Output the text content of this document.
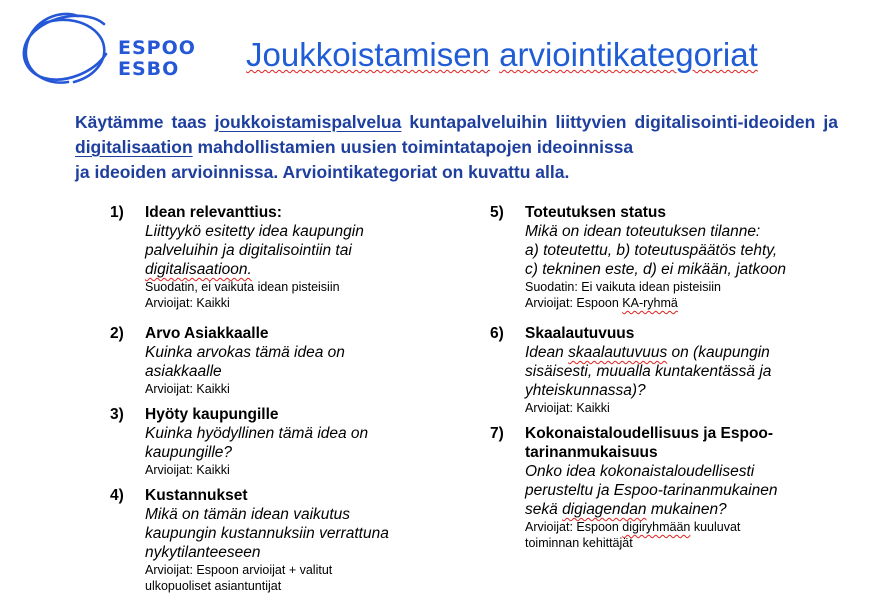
ESPOO
ESBO Joukkoistamisen arviointikategoriat
Käytämme taas joukkoistamispalvelua kuntapalveluihin liittyvien digitalisointi-ideoiden ja digitalisaation mahdollistamien uusien toimintatapojen ideoinnissa
ja ideoiden arvioinnissa. Arviointikategoriat on kuvattu alla.
1) Idean relevanttius:
Liittyykö esitetty idea kaupungin
palveluihin ja digitalisointiin tai
digitalisaatioon.
Suodatin, ei vaikuta idean pisteisiin
Arvioijat: Kaikki
2) Arvo Asiakkaalle
Kuinka arvokas tämä idea on
asiakkaalle
Arvioijat: Kaikki
3) Hyöty kaupungille
Kuinka hyödyllinen tämä idea on
kaupungille?
Arvioijat: Kaikki
4) Kustannukset
Mikä on tämän idean vaikutus
kaupungin kustannuksiin verrattuna
nykytilanteeseen
Arvioijat: Espoon arvioijat + valitut
ulkopuoliset asiantuntijat
5) Toteutuksen status
Mikä on idean toteutuksen tilanne:
a) toteutettu, b) toteutuspäätös tehty,
c) tekninen este, d) ei mikään, jatkoon
Suodatin: Ei vaikuta idean pisteisiin
Arvioijat: Espoon KA-ryhmä
6) Skaalautuvuus
Idean skaalautuvuus on (kaupungin
sisäisesti, muualla kuntakentässä ja
yhteiskunnassa)?
Arvioijat: Kaikki
7) Kokonaistaloudellisuus ja Espoo-
tarinanmukaisuus
Onko idea kokonaistaloudellisesti
perusteltu ja Espoo-tarinanmukainen
sekä digiagendan mukainen?
Arvioijat: Espoon digiryhmään kuuluvat
toiminnan kehittäjät
